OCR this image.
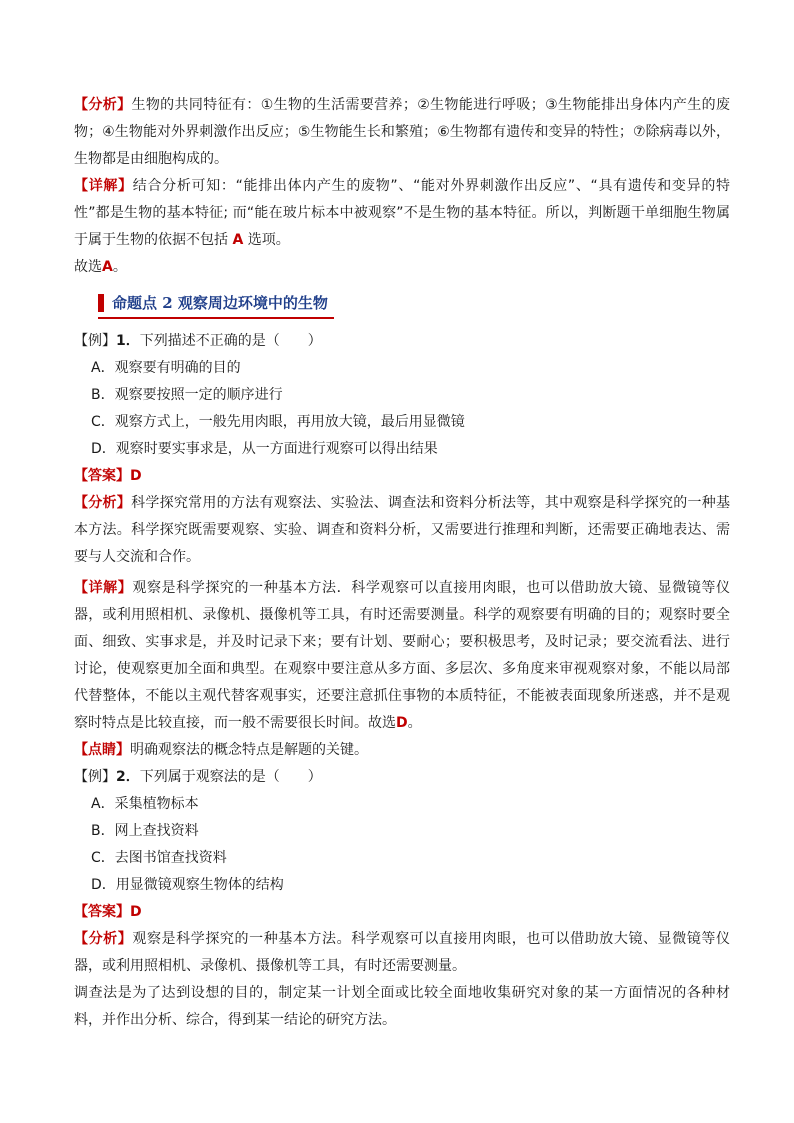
【分析】生物的共同特征有：①生物的生活需要营养；②生物能进行呼吸；③生物能排出身体内产生的废物；④生物能对外界刺激作出反应；⑤生物能生长和繁殖；⑥生物都有遗传和变异的特性；⑦除病毒以外，生物都是由细胞构成的。

【详解】结合分析可知：“能排出体内产生的废物”、“能对外界刺激作出反应”、“具有遗传和变异的特性”都是生物的基本特征; 而“能在玻片标本中被观察”不是生物的基本特征。所以，判断题干单细胞生物属于属于生物的依据不包括 A 选项。

故选A。

命题点 2 观察周边环境中的生物

【例】1．下列描述不正确的是（　　）

A．观察要有明确的目的

B．观察要按照一定的顺序进行

C．观察方式上，一般先用肉眼，再用放大镜，最后用显微镜

D．观察时要实事求是，从一方面进行观察可以得出结果

【答案】D

【分析】科学探究常用的方法有观察法、实验法、调查法和资料分析法等，其中观察是科学探究的一种基本方法。科学探究既需要观察、实验、调查和资料分析，又需要进行推理和判断，还需要正确地表达、需要与人交流和合作。

【详解】观察是科学探究的一种基本方法．科学观察可以直接用肉眼，也可以借助放大镜、显微镜等仪器，或利用照相机、录像机、摄像机等工具，有时还需要测量。科学的观察要有明确的目的；观察时要全面、细致、实事求是，并及时记录下来；要有计划、要耐心；要积极思考，及时记录；要交流看法、进行讨论，使观察更加全面和典型。在观察中要注意从多方面、多层次、多角度来审视观察对象，不能以局部代替整体，不能以主观代替客观事实，还要注意抓住事物的本质特征，不能被表面现象所迷惑，并不是观察时特点是比较直接，而一般不需要很长时间。故选D。

【点睛】明确观察法的概念特点是解题的关键。

【例】2．下列属于观察法的是（　　）

A．采集植物标本

B．网上查找资料

C．去图书馆查找资料

D．用显微镜观察生物体的结构

【答案】D

【分析】观察是科学探究的一种基本方法。科学观察可以直接用肉眼，也可以借助放大镜、显微镜等仪器，或利用照相机、录像机、摄像机等工具，有时还需要测量。

调查法是为了达到设想的目的，制定某一计划全面或比较全面地收集研究对象的某一方面情况的各种材料，并作出分析、综合，得到某一结论的研究方法。
